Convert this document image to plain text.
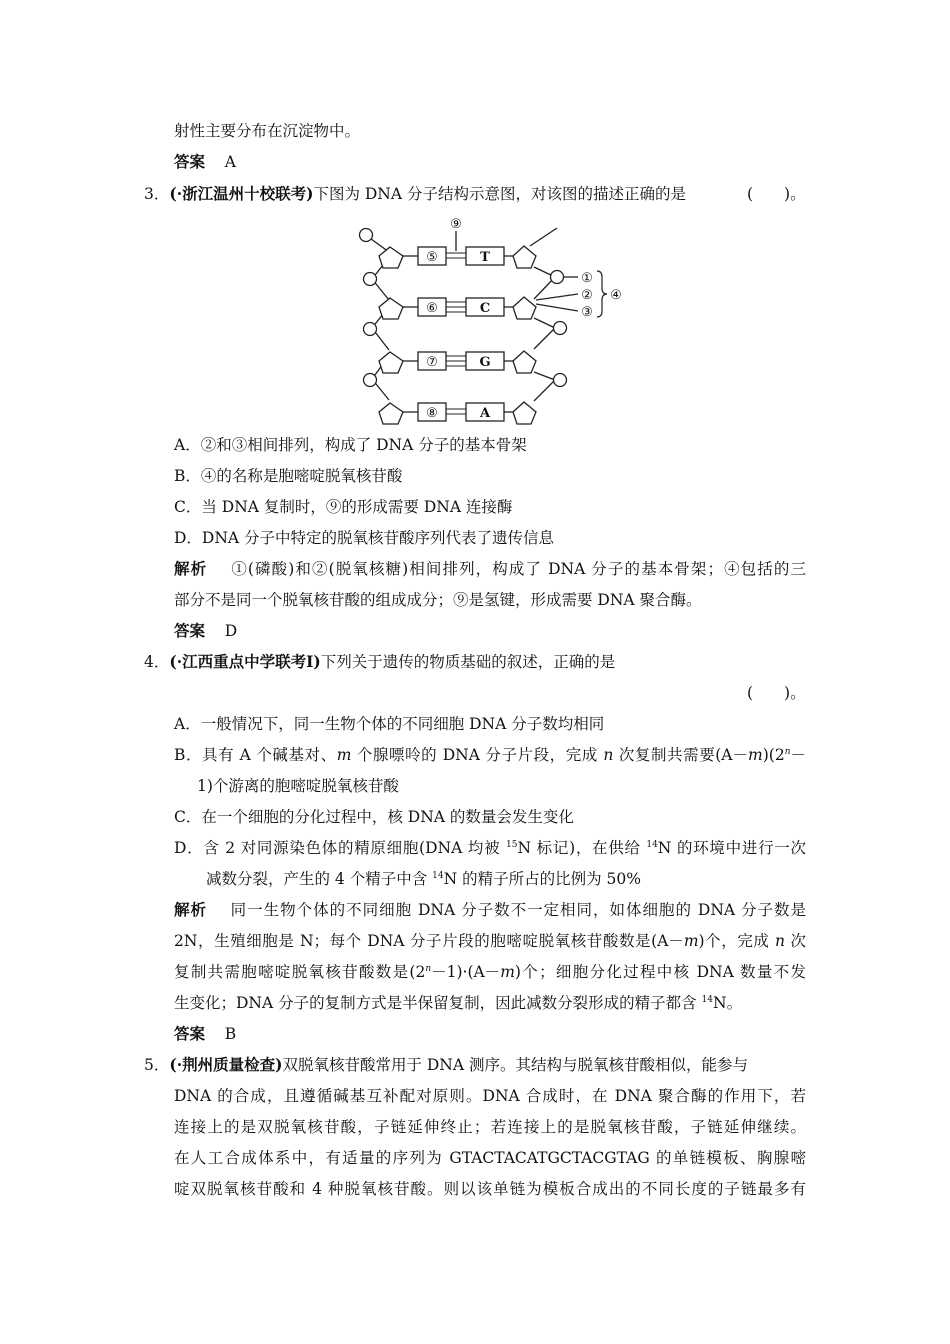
射性主要分布在沉淀物中。
答案 A
3．(·浙江温州十校联考)下图为 DNA 分子结构示意图，对该图的描述正确的是	(　　)。
⑨
⑤
⑥
⑦
⑧
T
C
G
A
①
②
③
④
A．②和③相间排列，构成了 DNA 分子的基本骨架
B．④的名称是胞嘧啶脱氧核苷酸
C．当 DNA 复制时，⑨的形成需要 DNA 连接酶
D．DNA 分子中特定的脱氧核苷酸序列代表了遗传信息
解析 ①(磷酸)和②(脱氧核糖)相间排列，构成了 DNA 分子的基本骨架；④包括的三
部分不是同一个脱氧核苷酸的组成成分；⑨是氢键，形成需要 DNA 聚合酶。
答案 D
4．(·江西重点中学联考Ⅰ)下列关于遗传的物质基础的叙述，正确的是
(　　)。
A．一般情况下，同一生物个体的不同细胞 DNA 分子数均相同
B．具有 A 个碱基对、m 个腺嘌呤的 DNA 分子片段，完成 n 次复制共需要$(A-m)(2^n-$
1)个游离的胞嘧啶脱氧核苷酸
C．在一个细胞的分化过程中，核 DNA 的数量会发生变化
D．含 2 对同源染色体的精原细胞(DNA 均被 $^{15}$N 标记)，在供给 $^{14}$N 的环境中进行一次
减数分裂，产生的 4 个精子中含 $^{14}$N 的精子所占的比例为 50%
解析 同一生物个体的不同细胞 DNA 分子数不一定相同，如体细胞的 DNA 分子数是
2N，生殖细胞是 N；每个 DNA 分子片段的胞嘧啶脱氧核苷酸数是(A－m)个，完成 n 次
复制共需胞嘧啶脱氧核苷酸数是$(2^n-1)\cdot(A-m)$个；细胞分化过程中核 DNA 数量不发
生变化；DNA 分子的复制方式是半保留复制，因此减数分裂形成的精子都含 $^{14}$N。
答案 B
5．(·荆州质量检查)双脱氧核苷酸常用于 DNA 测序。其结构与脱氧核苷酸相似，能参与
DNA 的合成，且遵循碱基互补配对原则。DNA 合成时，在 DNA 聚合酶的作用下，若
连接上的是双脱氧核苷酸，子链延伸终止；若连接上的是脱氧核苷酸，子链延伸继续。
在人工合成体系中，有适量的序列为 GTACTACATGCTACGTAG 的单链模板、胸腺嘧
啶双脱氧核苷酸和 4 种脱氧核苷酸。则以该单链为模板合成出的不同长度的子链最多有
